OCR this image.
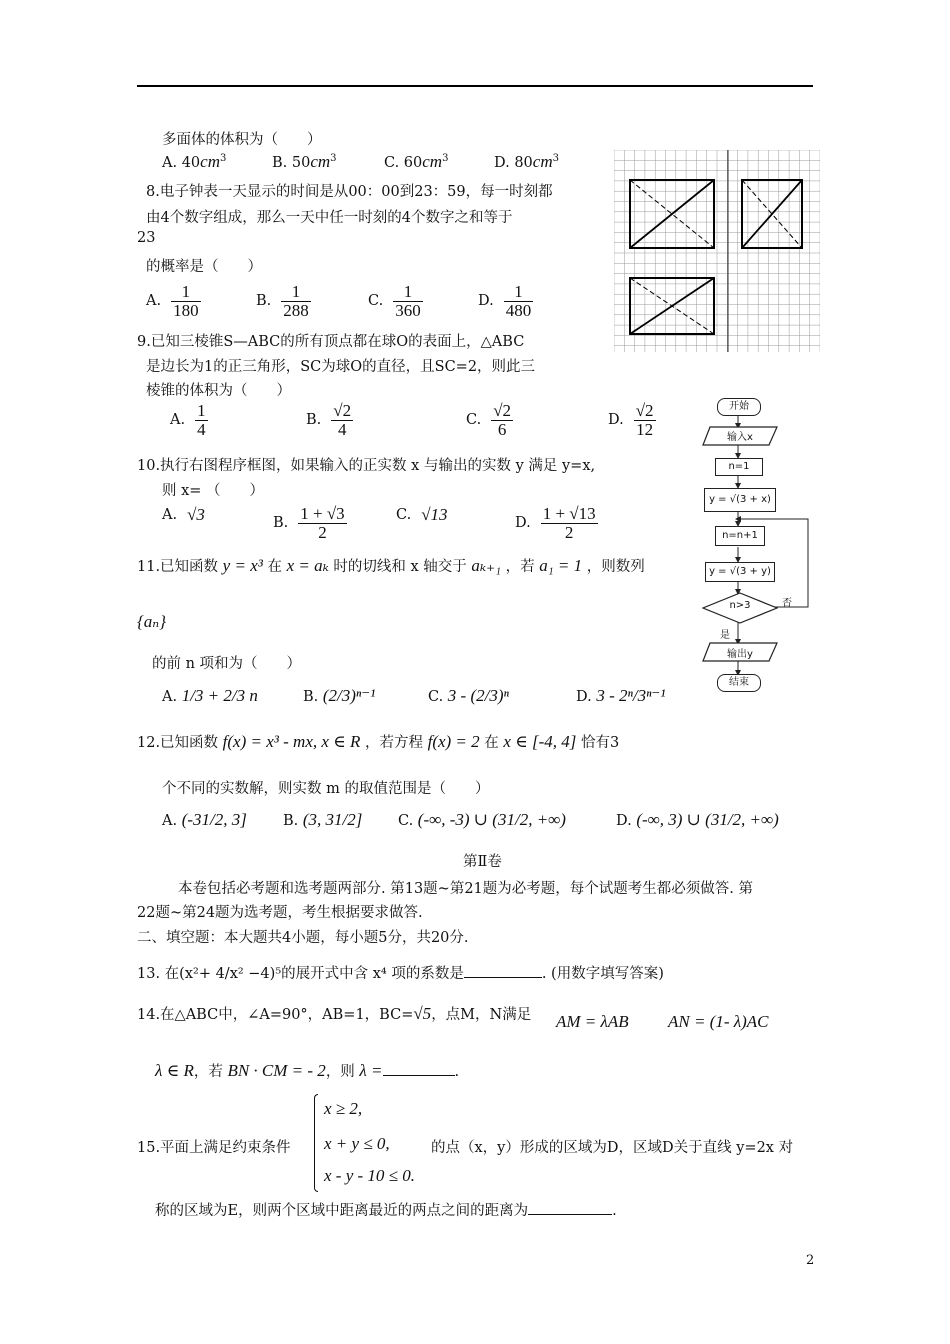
多面体的体积为（　　）
A. $40cm^3$	B. $50cm^3$	C. $60cm^3$	D. $80cm^3$
8.电子钟表一天显示的时间是从00：00到23：59，每一时刻都
由4个数字组成，那么一天中任一时刻的4个数字之和等于
23
的概率是（　　）
A. $\frac{1}{180}$	B. $\frac{1}{288}$	C. $\frac{1}{360}$	D. $\frac{1}{480}$
9.已知三棱锥S—ABC的所有顶点都在球O的表面上，△ABC
是边长为1的正三角形，SC为球O的直径，且SC=2，则此三
棱锥的体积为（　　）
A. $\frac{1}{4}$	B. $\frac{√2}{4}$	C. $\frac{√2}{6}$	D. $\frac{√2}{12}$	开始
输入x
n=1
y = √(3 + x)
n=n+1
y = √(3 + y)
n>3	否
是
输出y
结束
10.执行右图程序框图，如果输入的正实数 x 与输出的实数 y 满足 y=x,
则 x= （　　）
A. √3	B. $\frac{1 + √3}{2}$	C. √13	D. $\frac{1 + √13}{2}$
11.已知函数 y = x³ 在 x = aₖ 时的切线和 x 轴交于 aₖ₊₁ ，若 a₁ = 1 ，则数列
{aₙ}
的前 n 项和为（　　）
A. 1/3 + 2/3 n	B. (2/3)ⁿ⁻¹	C. 3 - (2/3)ⁿ	D. 3 - 2ⁿ/3ⁿ⁻¹
12.已知函数 f(x) = x³ - mx, x ∈ R ，若方程 f(x) = 2 在 x ∈ [-4, 4] 恰有3
个不同的实数解，则实数 m 的取值范围是（　　）
A. (-31/2, 3] B. (3, 31/2] C. (-∞, -3) ∪ (31/2, +∞)	D. (-∞, 3) ∪ (31/2, +∞)
第Ⅱ卷
本卷包括必考题和选考题两部分. 第13题~第21题为必考题，每个试题考生都必须做答. 第
22题~第24题为选考题，考生根据要求做答.
二、填空题：本大题共4小题，每小题5分，共20分.
13. 在(x²+ 4/x² −4)⁵的展开式中含 x⁴ 项的系数是	. (用数字填写答案)
14.在△ABC中，∠A=90°，AB=1，BC=√5，点M，N满足 AM = λAB AN = (1- λ)AC
λ ∈ R，若 BN · CM = - 2，则 λ =	.
15.平面上满足约束条件
x ≥ 2,
x + y ≤ 0,
x - y - 10 ≤ 0.
的点（x，y）形成的区域为D，区域D关于直线 y=2x 对
称的区域为E，则两个区域中距离最近的两点之间的距离为	.
2
